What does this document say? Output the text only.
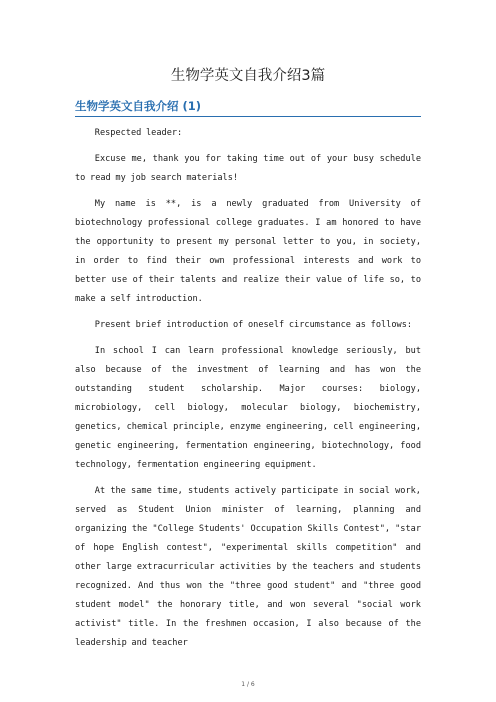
生物学英文自我介绍3篇
生物学英文自我介绍 (1)

Respected leader:

Excuse me, thank you for taking time out of your busy schedule to read my job search materials!

My name is **, is a newly graduated from University of biotechnology professional college graduates. I am honored to have the opportunity to present my personal letter to you, in society, in order to find their own professional interests and work to better use of their talents and realize their value of life so, to make a self introduction.

Present brief introduction of oneself circumstance as follows:

In school I can learn professional knowledge seriously, but also because of the investment of learning and has won the outstanding student scholarship. Major courses: biology, microbiology, cell biology, molecular biology, biochemistry, genetics, chemical principle, enzyme engineering, cell engineering, genetic engineering, fermentation engineering, biotechnology, food technology, fermentation engineering equipment.

At the same time, students actively participate in social work, served as Student Union minister of learning, planning and organizing the "College Students' Occupation Skills Contest", "star of hope English contest", "experimental skills competition" and other large extracurricular activities by the teachers and students recognized. And thus won the "three good student" and "three good student model" the honorary title, and won several "social work activist" title. In the freshmen occasion, I also because of the leadership and teacher

1 / 6
